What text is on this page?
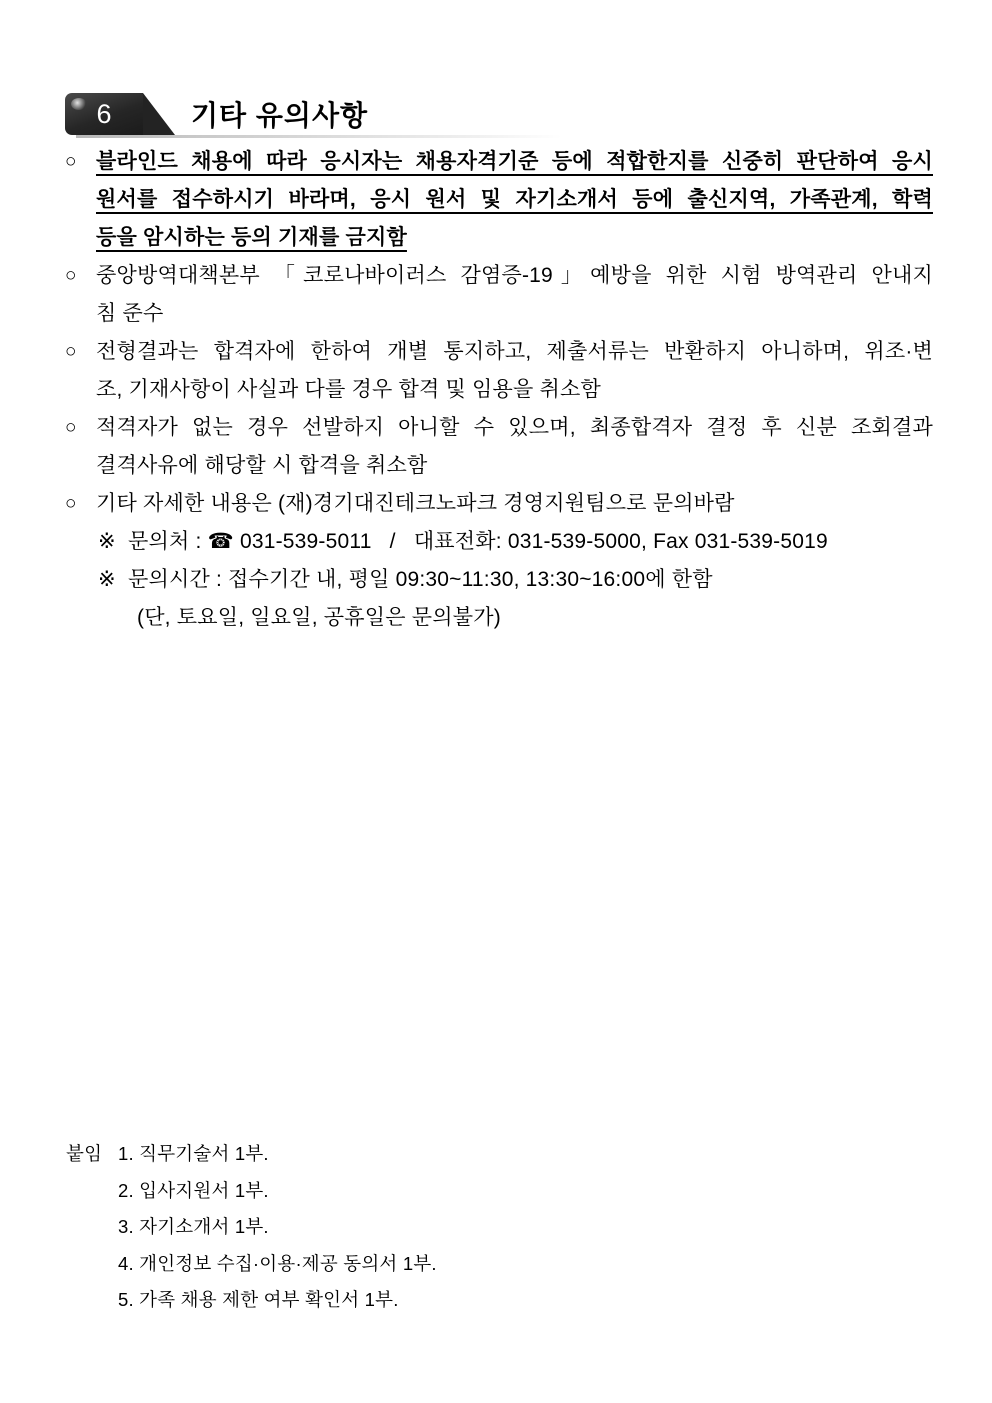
6	기타 유의사항
○ 블라인드 채용에 따라 응시자는 채용자격기준 등에 적합한지를 신중히 판단하여 응시
원서를 접수하시기 바라며, 응시 원서 및 자기소개서 등에 출신지역, 가족관계, 학력
등을 암시하는 등의 기재를 금지함
○ 중앙방역대책본부 「코로나바이러스 감염증-19」예방을 위한 시험 방역관리 안내지
침 준수
○ 전형결과는 합격자에 한하여 개별 통지하고, 제출서류는 반환하지 아니하며, 위조·변
조, 기재사항이 사실과 다를 경우 합격 및 임용을 취소함
○ 적격자가 없는 경우 선발하지 아니할 수 있으며, 최종합격자 결정 후 신분 조회결과
결격사유에 해당할 시 합격을 취소함
○ 기타 자세한 내용은 (재)경기대진테크노파크 경영지원팀으로 문의바람
※ 문의처 : ☎ 031-539-5011   /   대표전화: 031-539-5000, Fax 031-539-5019
※ 문의시간 : 접수기간 내, 평일 09:30~11:30, 13:30~16:00에 한함
(단, 토요일, 일요일, 공휴일은 문의불가)
붙임 1. 직무기술서 1부.
2. 입사지원서 1부.
3. 자기소개서 1부.
4. 개인정보 수집·이용·제공 동의서 1부.
5. 가족 채용 제한 여부 확인서 1부.
